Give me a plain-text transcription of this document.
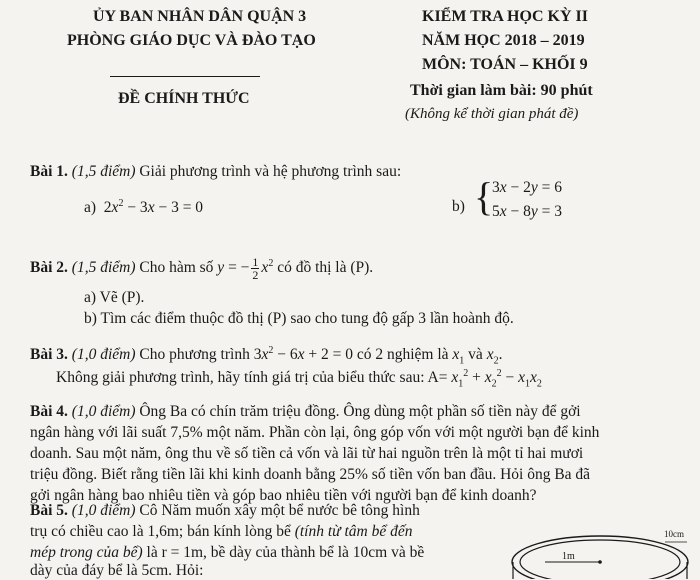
ỦY BAN NHÂN DÂN QUẬN 3
PHÒNG GIÁO DỤC VÀ ĐÀO TẠO
ĐỀ CHÍNH THỨC
KIỂM TRA HỌC KỲ II
NĂM HỌC 2018 – 2019
MÔN: TOÁN – KHỐI 9
Thời gian làm bài: 90 phút
(Không kể thời gian phát đề)
Bài 1. (1,5 điểm) Giải phương trình và hệ phương trình sau:
a)  $2x^2 - 3x - 3 = 0$	b) {
3x − 2y = 6
5x − 8y = 3
Bài 2. (1,5 điểm) Cho hàm số y = − $\frac{1}{2} x^2$ có đồ thị là (P).
a) Vẽ (P).
b) Tìm các điểm thuộc đồ thị (P) sao cho tung độ gấp 3 lần hoành độ.
Bài 3. (1,0 điểm) Cho phương trình $3x^2 - 6x + 2 = 0$ có 2 nghiệm là $x_1$ và $x_2$.
Không giải phương trình, hãy tính giá trị của biểu thức sau: $A= x_1^2 + x_2^2 - x_1x_2$
Bài 4. (1,0 điểm) Ông Ba có chín trăm triệu đồng. Ông dùng một phần số tiền này để gởi
ngân hàng với lãi suất 7,5% một năm. Phần còn lại, ông góp vốn với một người bạn để kinh
doanh. Sau một năm, ông thu về số tiền cả vốn và lãi từ hai nguồn trên là một tỉ hai mươi
triệu đồng. Biết rằng tiền lãi khi kinh doanh bằng 25% số tiền vốn ban đầu. Hỏi ông Ba đã
gởi ngân hàng bao nhiêu tiền và góp bao nhiêu tiền với người bạn để kinh doanh?
Bài 5. (1,0 điểm) Cô Năm muốn xây một bể nước bê tông hình
trụ có chiều cao là 1,6m; bán kính lòng bể (tính từ tâm bể đến
mép trong của bể) là r = 1m, bề dày của thành bể là 10cm và bề
dày của đáy bể là 5cm. Hỏi:
1m
10cm
